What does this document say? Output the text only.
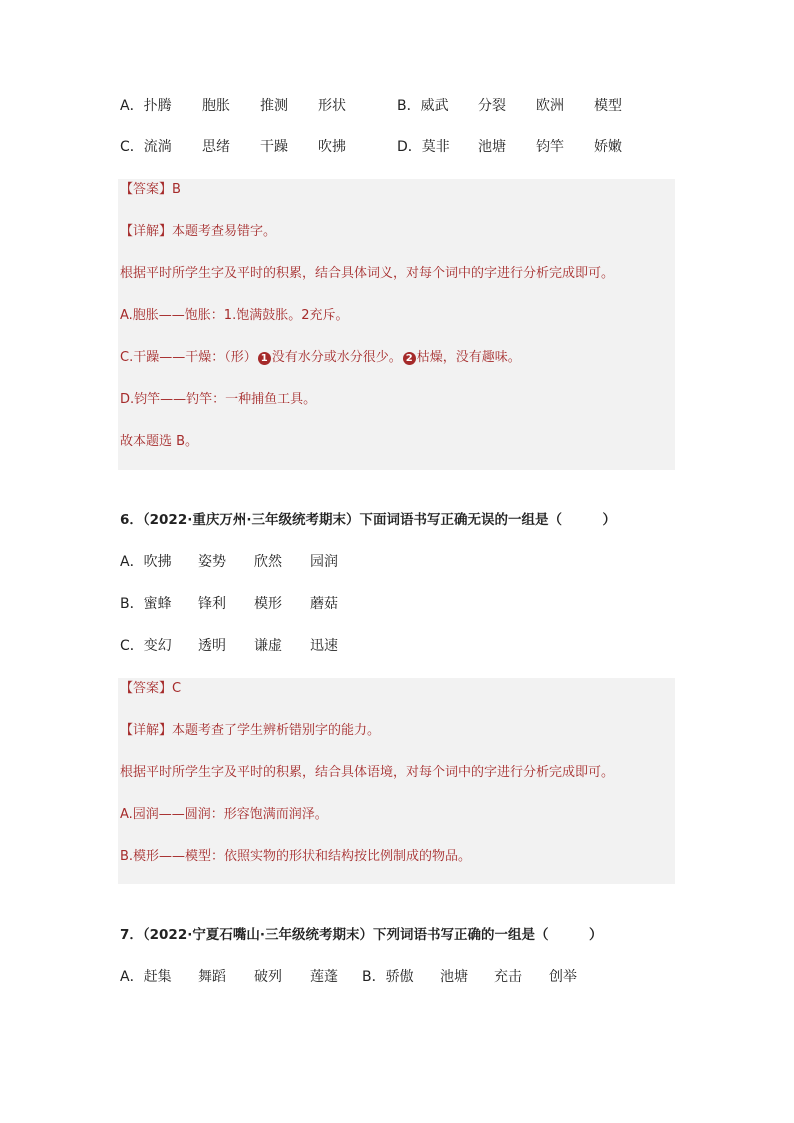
A．扑腾 胞胀 推测 形状	B．威武 分裂 欧洲 模型
C．流淌 思绪 干躁 吹拂	D．莫非 池塘 钧竿 娇嫩
【答案】B
【详解】本题考查易错字。
根据平时所学生字及平时的积累，结合具体词义，对每个词中的字进行分析完成即可。
A.胞胀——饱胀：1.饱满鼓胀。2充斥。
C.干躁——干燥：（形） 1 没有水分或水分很少。 2 枯燥，没有趣味。
D.钧竿——钓竿：一种捕鱼工具。
故本题选 B。
6．（2022·重庆万州·三年级统考期末）下面词语书写正确无误的一组是（　　　）
A．吹拂 姿势 欣然 园润
B．蜜蜂 锋利 模形 蘑菇
C．变幻 透明 谦虚 迅速
【答案】C
【详解】本题考查了学生辨析错别字的能力。
根据平时所学生字及平时的积累，结合具体语境，对每个词中的字进行分析完成即可。
A.园润——圆润：形容饱满而润泽。
B.模形——模型：依照实物的形状和结构按比例制成的物品。
7．（2022·宁夏石嘴山·三年级统考期末）下列词语书写正确的一组是（　　　）
A．赶集 舞蹈 破列 莲蓬 B．骄傲 池塘 充击 创举
